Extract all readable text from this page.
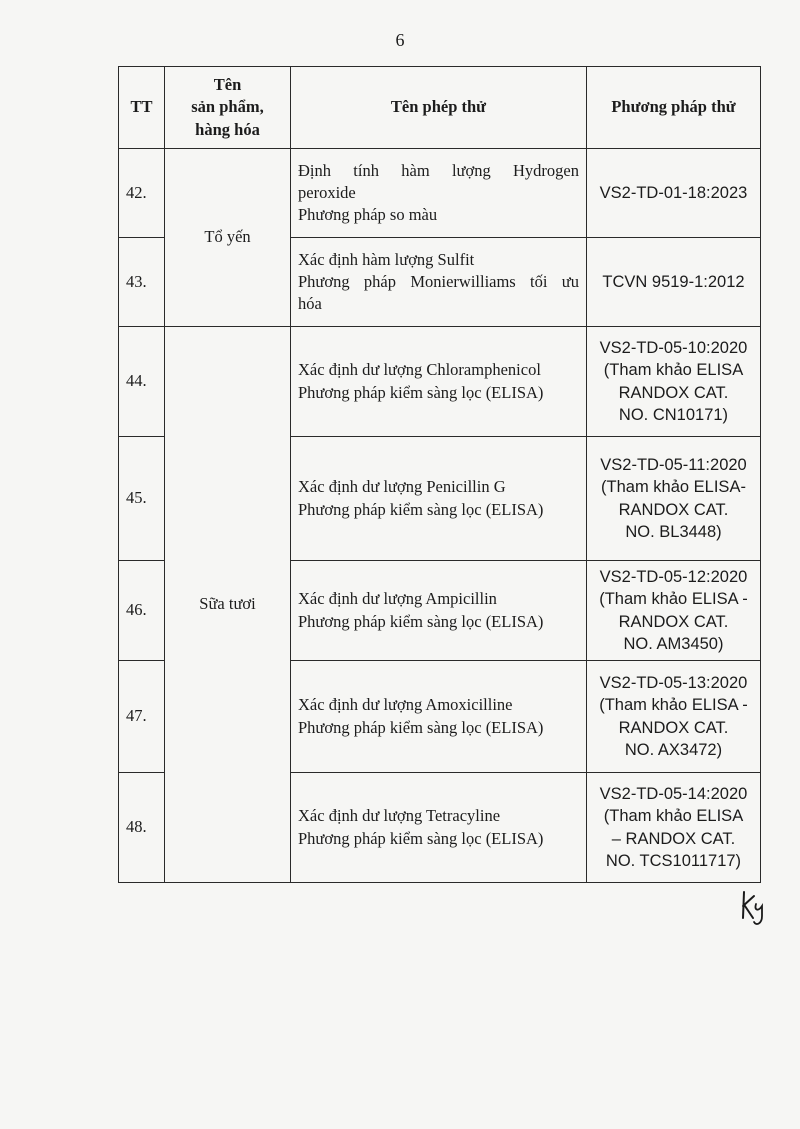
6
TT	Tên
sản phẩm,
hàng hóa	Tên phép thử	Phương pháp thử
42.	Tổ yến	Định tính hàm lượng Hydrogen
peroxide
Phương pháp so màu	VS2-TD-01-18:2023

43.		Xác định hàm lượng Sulfit
Phương pháp Monierwilliams tối ưu
hóa	TCVN 9519-1:2012

44.	Sữa tươi	Xác định dư lượng Chloramphenicol
Phương pháp kiểm sàng lọc (ELISA)	VS2-TD-05-10:2020
(Tham khảo ELISA
RANDOX CAT.
NO. CN10171)

45.		Xác định dư lượng Penicillin G
Phương pháp kiểm sàng lọc (ELISA)	VS2-TD-05-11:2020
(Tham khảo ELISA-
RANDOX CAT.
NO. BL3448)

46.		Xác định dư lượng Ampicillin
Phương pháp kiểm sàng lọc (ELISA)	VS2-TD-05-12:2020
(Tham khảo ELISA -
RANDOX CAT.
NO. AM3450)

47.		Xác định dư lượng Amoxicilline
Phương pháp kiểm sàng lọc (ELISA)	VS2-TD-05-13:2020
(Tham khảo ELISA -
RANDOX CAT.
NO. AX3472)

48.		Xác định dư lượng Tetracyline
Phương pháp kiểm sàng lọc (ELISA)	VS2-TD-05-14:2020
(Tham khảo ELISA
– RANDOX CAT.
NO. TCS1011717)
